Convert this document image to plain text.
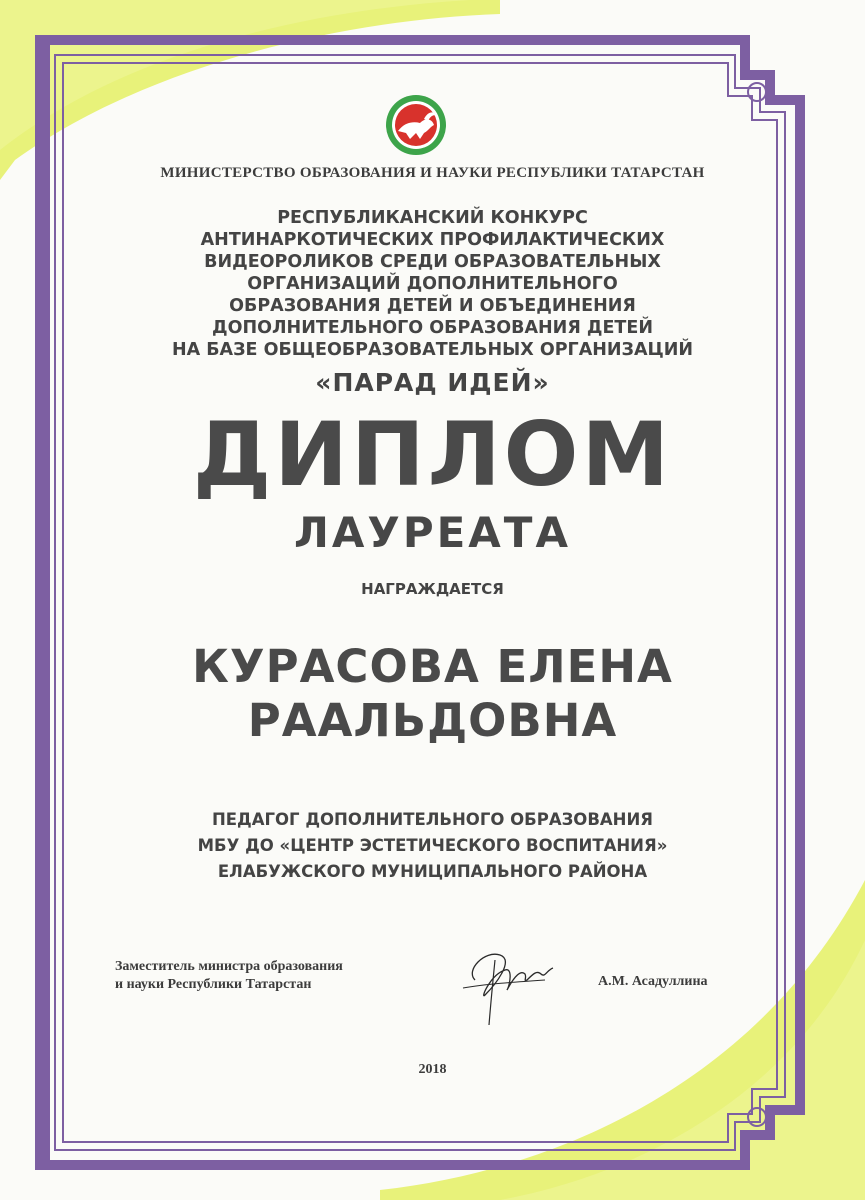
МИНИСТЕРСТВО ОБРАЗОВАНИЯ И НАУКИ РЕСПУБЛИКИ ТАТАРСТАН
РЕСПУБЛИКАНСКИЙ КОНКУРС
АНТИНАРКОТИЧЕСКИХ ПРОФИЛАКТИЧЕСКИХ
ВИДЕОРОЛИКОВ СРЕДИ ОБРАЗОВАТЕЛЬНЫХ
ОРГАНИЗАЦИЙ ДОПОЛНИТЕЛЬНОГО
ОБРАЗОВАНИЯ ДЕТЕЙ И ОБЪЕДИНЕНИЯ
ДОПОЛНИТЕЛЬНОГО ОБРАЗОВАНИЯ ДЕТЕЙ
НА БАЗЕ ОБЩЕОБРАЗОВАТЕЛЬНЫХ ОРГАНИЗАЦИЙ
«ПАРАД ИДЕЙ»
ДИПЛОМ
ЛАУРЕАТА
НАГРАЖДАЕТСЯ
КУРАСОВА ЕЛЕНА
РААЛЬДОВНА
ПЕДАГОГ ДОПОЛНИТЕЛЬНОГО ОБРАЗОВАНИЯ
МБУ ДО «ЦЕНТР ЭСТЕТИЧЕСКОГО ВОСПИТАНИЯ»
ЕЛАБУЖСКОГО МУНИЦИПАЛЬНОГО РАЙОНА
Заместитель министра образования
и науки Республики Татарстан	А.М. Асадуллина
2018
